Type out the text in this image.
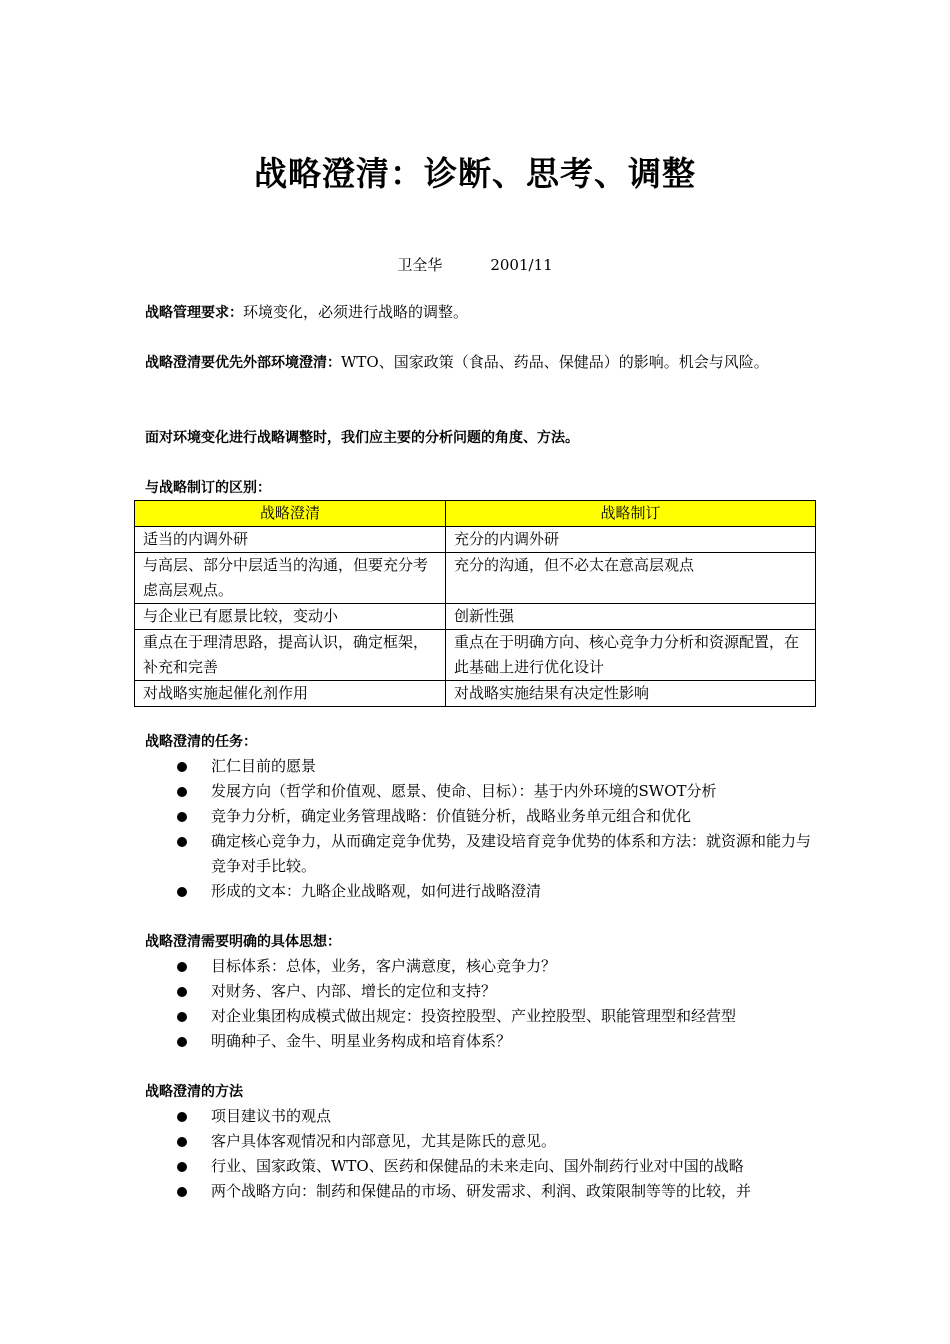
战略澄清：诊断、思考、调整
卫全华	2001/11
战略管理要求：环境变化，必须进行战略的调整。
战略澄清要优先外部环境澄清：WTO、国家政策（食品、药品、保健品）的影响。机会与风险。
面对环境变化进行战略调整时，我们应主要的分析问题的角度、方法。
与战略制订的区别：
战略澄清	战略制订
适当的内调外研	充分的内调外研
与高层、部分中层适当的沟通，但要充分考虑高层观点。	充分的沟通，但不必太在意高层观点
与企业已有愿景比较，变动小	创新性强
重点在于理清思路，提高认识，确定框架，补充和完善	重点在于明确方向、核心竞争力分析和资源配置，在此基础上进行优化设计
对战略实施起催化剂作用	对战略实施结果有决定性影响
战略澄清的任务：
汇仁目前的愿景
发展方向（哲学和价值观、愿景、使命、目标）：基于内外环境的SWOT分析
竞争力分析，确定业务管理战略：价值链分析，战略业务单元组合和优化
确定核心竞争力，从而确定竞争优势，及建设培育竞争优势的体系和方法：就资源和能力与竞争对手比较。
形成的文本：九略企业战略观，如何进行战略澄清
战略澄清需要明确的具体思想：
目标体系：总体，业务，客户满意度，核心竞争力？
对财务、客户、内部、增长的定位和支持？
对企业集团构成模式做出规定：投资控股型、产业控股型、职能管理型和经营型
明确种子、金牛、明星业务构成和培育体系？
战略澄清的方法
项目建议书的观点
客户具体客观情况和内部意见，尤其是陈氏的意见。
行业、国家政策、WTO、医药和保健品的未来走向、国外制药行业对中国的战略
两个战略方向：制药和保健品的市场、研发需求、利润、政策限制等等的比较，并
